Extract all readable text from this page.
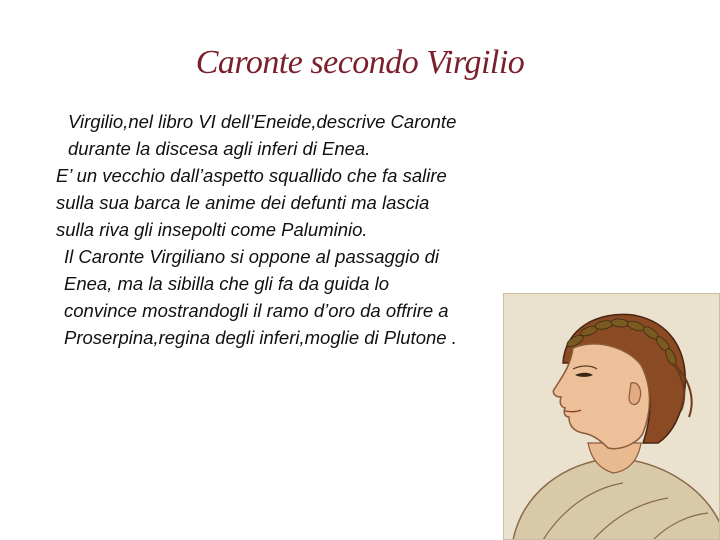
Caronte secondo Virgilio

Virgilio,nel libro VI dell’Eneide,descrive Caronte
durante la discesa agli inferi di Enea.

E’ un vecchio dall’aspetto squallido che fa salire
sulla sua barca le anime dei defunti ma lascia
sulla riva gli insepolti come Paluminio.

Il Caronte Virgiliano si oppone al passaggio di
Enea, ma la sibilla che gli fa da guida lo
convince mostrandogli il ramo d’oro da offrire a
Proserpina,regina degli inferi,moglie di Plutone .
